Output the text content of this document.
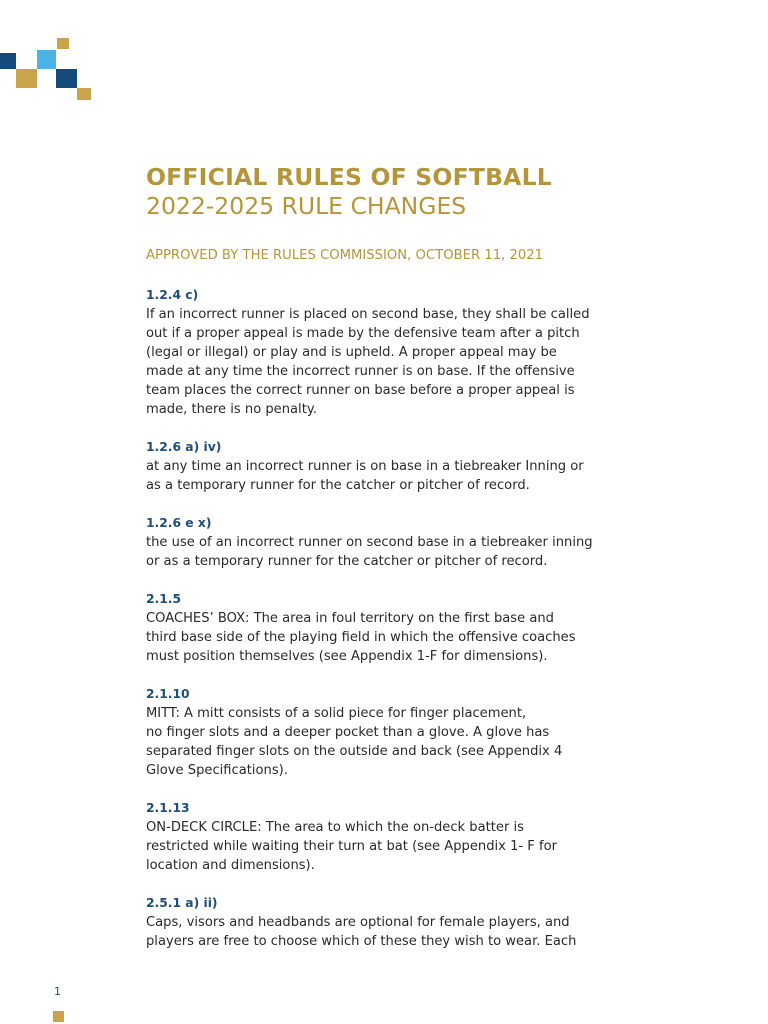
OFFICIAL RULES OF SOFTBALL
2022-2025 RULE CHANGES

APPROVED BY THE RULES COMMISSION, OCTOBER 11, 2021

1.2.4 c)
If an incorrect runner is placed on second base, they shall be called
out if a proper appeal is made by the defensive team after a pitch
(legal or illegal) or play and is upheld. A proper appeal may be
made at any time the incorrect runner is on base. If the offensive
team places the correct runner on base before a proper appeal is
made, there is no penalty.
1.2.6 a) iv)
at any time an incorrect runner is on base in a tiebreaker Inning or
as a temporary runner for the catcher or pitcher of record.
1.2.6 e x)
the use of an incorrect runner on second base in a tiebreaker inning
or as a temporary runner for the catcher or pitcher of record.
2.1.5
COACHES’ BOX: The area in foul territory on the first base and
third base side of the playing field in which the offensive coaches
must position themselves (see Appendix 1-F for dimensions).
2.1.10
MITT: A mitt consists of a solid piece for finger placement,
no finger slots and a deeper pocket than a glove. A glove has
separated finger slots on the outside and back (see Appendix 4
Glove Specifications).
2.1.13
ON-DECK CIRCLE: The area to which the on-deck batter is
restricted while waiting their turn at bat (see Appendix 1- F for
location and dimensions).
2.5.1 a) ii)
Caps, visors and headbands are optional for female players, and
players are free to choose which of these they wish to wear. Each
1
